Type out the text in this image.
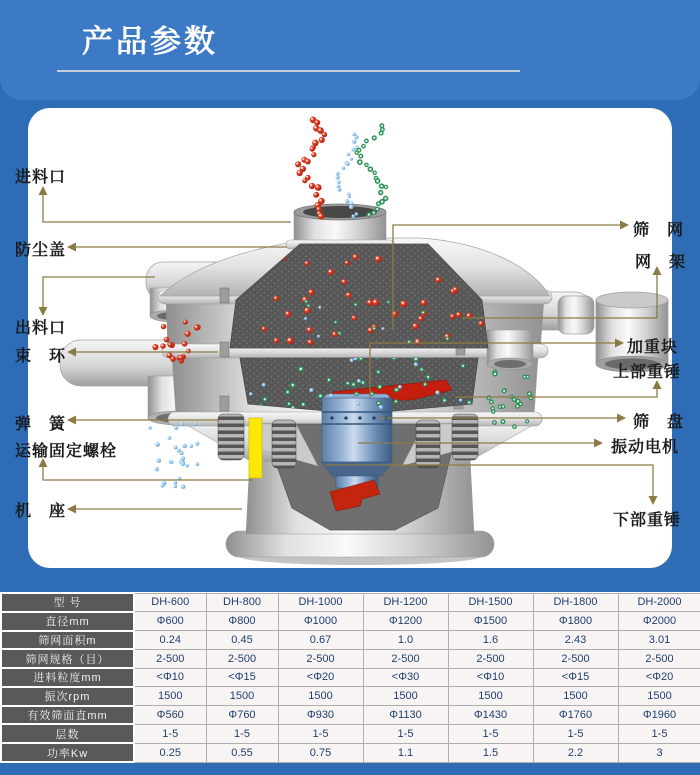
产品参数
进料口
防尘盖
出料口
束　环
弹　簧
运输固定螺栓
机　座
筛　网
网　架
加重块
上部重锤
筛　盘
振动电机
下部重锤
型 号	DH-600	DH-800	DH-1000	DH-1200	DH-1500	DH-1800	DH-2000
直径mm	Φ600	Φ800	Φ1000	Φ1200	Φ1500	Φ1800	Φ2000
筛网面积m	0.24	0.45	0.67	1.0	1.6	2.43	3.01
筛网规格（目）	2-500	2-500	2-500	2-500	2-500	2-500	2-500
进料粒度mm	<Φ10	<Φ15	<Φ20	<Φ30	<Φ10	<Φ15	<Φ20
振次rpm	1500	1500	1500	1500	1500	1500	1500
有效筛面直mm	Φ560	Φ760	Φ930	Φ1130	Φ1430	Φ1760	Φ1960
层数	1-5	1-5	1-5	1-5	1-5	1-5	1-5
功率Kw	0.25	0.55	0.75	1.1	1.5	2.2	3
